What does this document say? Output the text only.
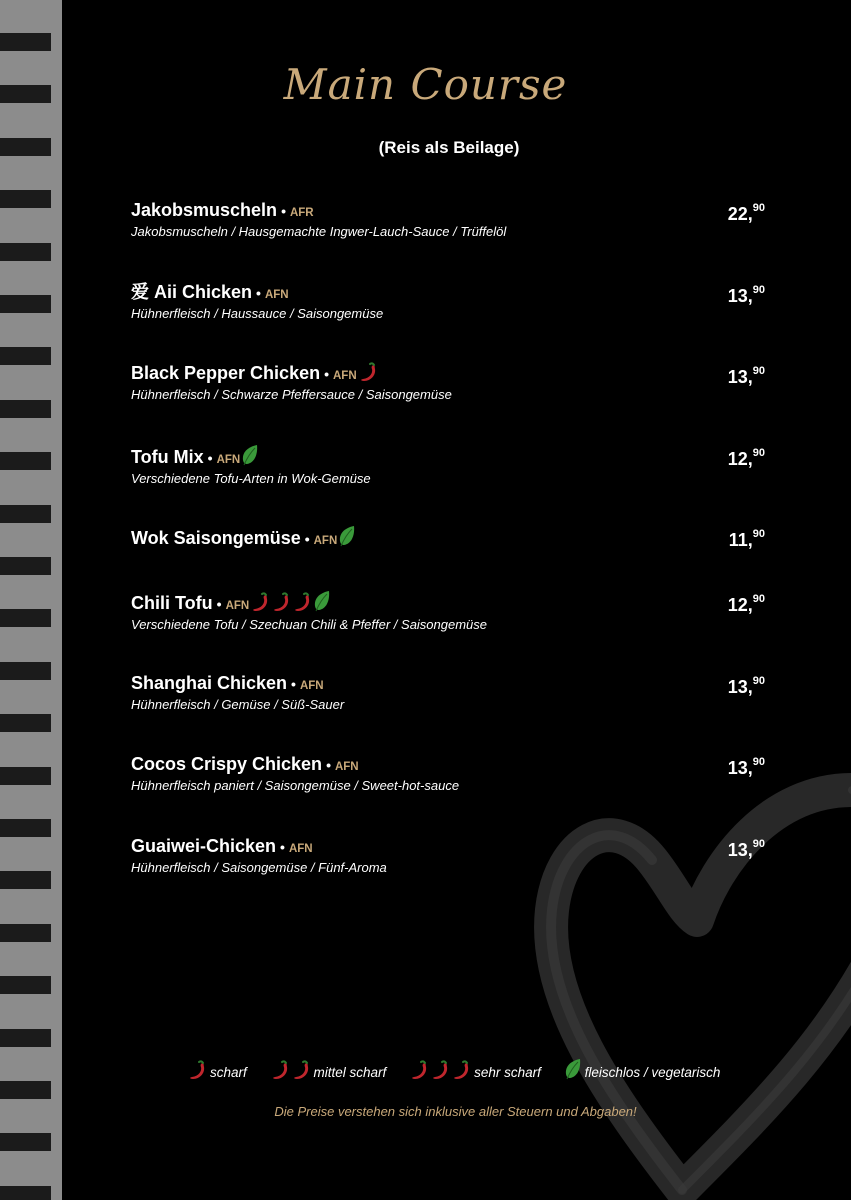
Main Course
(Reis als Beilage)
Jakobsmuscheln • AFR
Jakobsmuscheln / Hausgemachte Ingwer-Lauch-Sauce / Trüffelöl
22,90
爱 Aii Chicken • AFN
Hühnerfleisch / Haussauce / Saisongemüse
13,90
Black Pepper Chicken • AFN
Hühnerfleisch / Schwarze Pfeffersauce / Saisongemüse
13,90
Tofu Mix • AFN
Verschiedene Tofu-Arten in Wok-Gemüse
12,90
Wok Saisongemüse • AFN	11,90
Chili Tofu • AFN
Verschiedene Tofu / Szechuan Chili & Pfeffer / Saisongemüse
12,90
Shanghai Chicken • AFN
Hühnerfleisch / Gemüse / Süß-Sauer
13,90
Cocos Crispy Chicken • AFN
Hühnerfleisch paniert / Saisongemüse / Sweet-hot-sauce
13,90
Guaiwei-Chicken • AFN
Hühnerfleisch / Saisongemüse / Fünf-Aroma
13,90
scharf	mittel scharf	sehr scharf	fleischlos / vegetarisch
Die Preise verstehen sich inklusive aller Steuern und Abgaben!
